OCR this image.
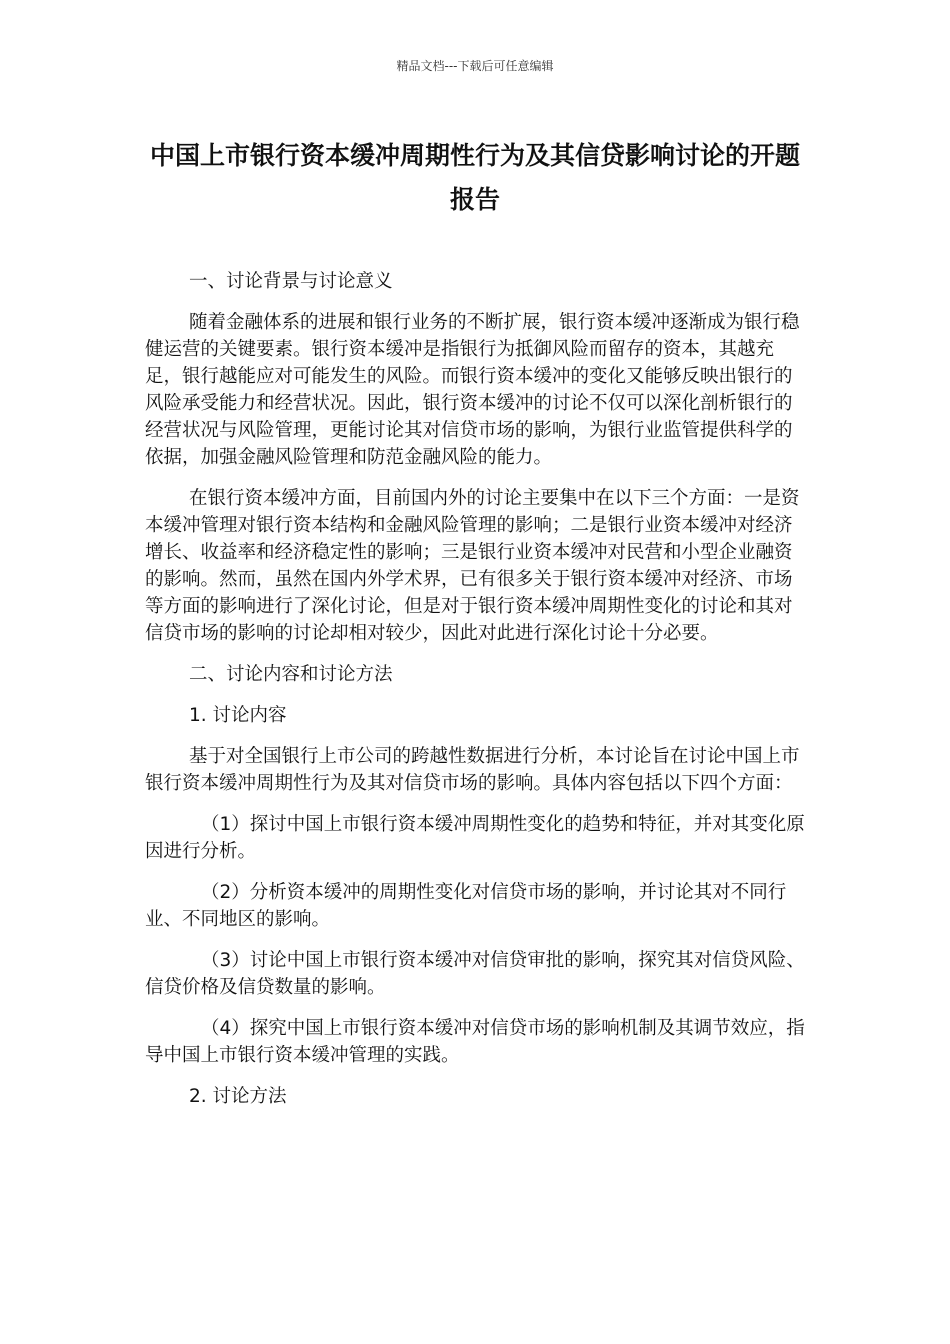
精品文档---下载后可任意编辑
中国上市银行资本缓冲周期性行为及其信贷影响讨论的开题报告

一、讨论背景与讨论意义

随着金融体系的进展和银行业务的不断扩展，银行资本缓冲逐渐成为银行稳健运营的关键要素。银行资本缓冲是指银行为抵御风险而留存的资本，其越充足，银行越能应对可能发生的风险。而银行资本缓冲的变化又能够反映出银行的风险承受能力和经营状况。因此，银行资本缓冲的讨论不仅可以深化剖析银行的经营状况与风险管理，更能讨论其对信贷市场的影响，为银行业监管提供科学的依据，加强金融风险管理和防范金融风险的能力。

在银行资本缓冲方面，目前国内外的讨论主要集中在以下三个方面：一是资本缓冲管理对银行资本结构和金融风险管理的影响；二是银行业资本缓冲对经济增长、收益率和经济稳定性的影响；三是银行业资本缓冲对民营和小型企业融资的影响。然而，虽然在国内外学术界，已有很多关于银行资本缓冲对经济、市场等方面的影响进行了深化讨论，但是对于银行资本缓冲周期性变化的讨论和其对信贷市场的影响的讨论却相对较少，因此对此进行深化讨论十分必要。

二、讨论内容和讨论方法

1. 讨论内容

基于对全国银行上市公司的跨越性数据进行分析，本讨论旨在讨论中国上市银行资本缓冲周期性行为及其对信贷市场的影响。具体内容包括以下四个方面：

（1）探讨中国上市银行资本缓冲周期性变化的趋势和特征，并对其变化原因进行分析。

（2）分析资本缓冲的周期性变化对信贷市场的影响，并讨论其对不同行业、不同地区的影响。

（3）讨论中国上市银行资本缓冲对信贷审批的影响，探究其对信贷风险、信贷价格及信贷数量的影响。

（4）探究中国上市银行资本缓冲对信贷市场的影响机制及其调节效应，指导中国上市银行资本缓冲管理的实践。

2. 讨论方法
